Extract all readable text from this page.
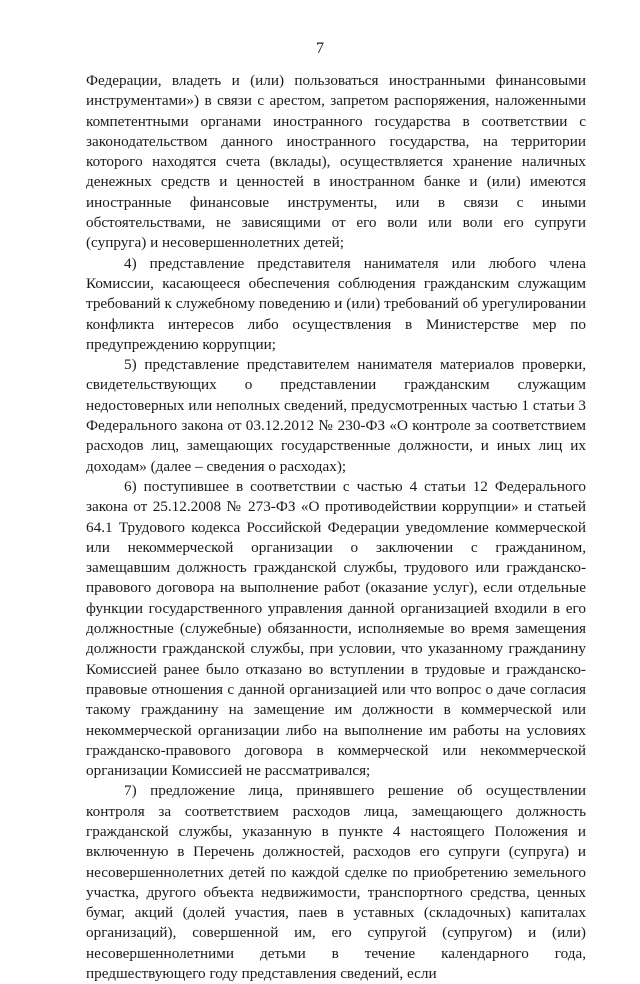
7

Федерации, владеть и (или) пользоваться иностранными финансовыми инструментами») в связи с арестом, запретом распоряжения, наложенными компетентными органами иностранного государства в соответствии с законодательством данного иностранного государства, на территории которого находятся счета (вклады), осуществляется хранение наличных денежных средств и ценностей в иностранном банке и (или) имеются иностранные финансовые инструменты, или в связи с иными обстоятельствами, не зависящими от его воли или воли его супруги (супруга) и несовершеннолетних детей;

4) представление представителя нанимателя или любого члена Комиссии, касающееся обеспечения соблюдения гражданским служащим требований к служебному поведению и (или) требований об урегулировании конфликта интересов либо осуществления в Министерстве мер по предупреждению коррупции;

5) представление представителем нанимателя материалов проверки, свидетельствующих о представлении гражданским служащим недостоверных или неполных сведений, предусмотренных частью 1 статьи 3 Федерального закона от 03.12.2012 № 230-ФЗ «О контроле за соответствием расходов лиц, замещающих государственные должности, и иных лиц их доходам» (далее – сведения о расходах);

6) поступившее в соответствии с частью 4 статьи 12 Федерального закона от 25.12.2008 № 273-ФЗ «О противодействии коррупции» и статьей 64.1 Трудового кодекса Российской Федерации уведомление коммерческой или некоммерческой организации о заключении с гражданином, замещавшим должность гражданской службы, трудового или гражданско-правового договора на выполнение работ (оказание услуг), если отдельные функции государственного управления данной организацией входили в его должностные (служебные) обязанности, исполняемые во время замещения должности гражданской службы, при условии, что указанному гражданину Комиссией ранее было отказано во вступлении в трудовые и гражданско-правовые отношения с данной организацией или что вопрос о даче согласия такому гражданину на замещение им должности в коммерческой или некоммерческой организации либо на выполнение им работы на условиях гражданско-правового договора в коммерческой или некоммерческой организации Комиссией не рассматривался;

7) предложение лица, принявшего решение об осуществлении контроля за соответствием расходов лица, замещающего должность гражданской службы, указанную в пункте 4 настоящего Положения и включенную в Перечень должностей, расходов его супруги (супруга) и несовершеннолетних детей по каждой сделке по приобретению земельного участка, другого объекта недвижимости, транспортного средства, ценных бумаг, акций (долей участия, паев в уставных (складочных) капиталах организаций), совершенной им, его супругой (супругом) и (или) несовершеннолетними детьми в течение календарного года, предшествующего году представления сведений, если
